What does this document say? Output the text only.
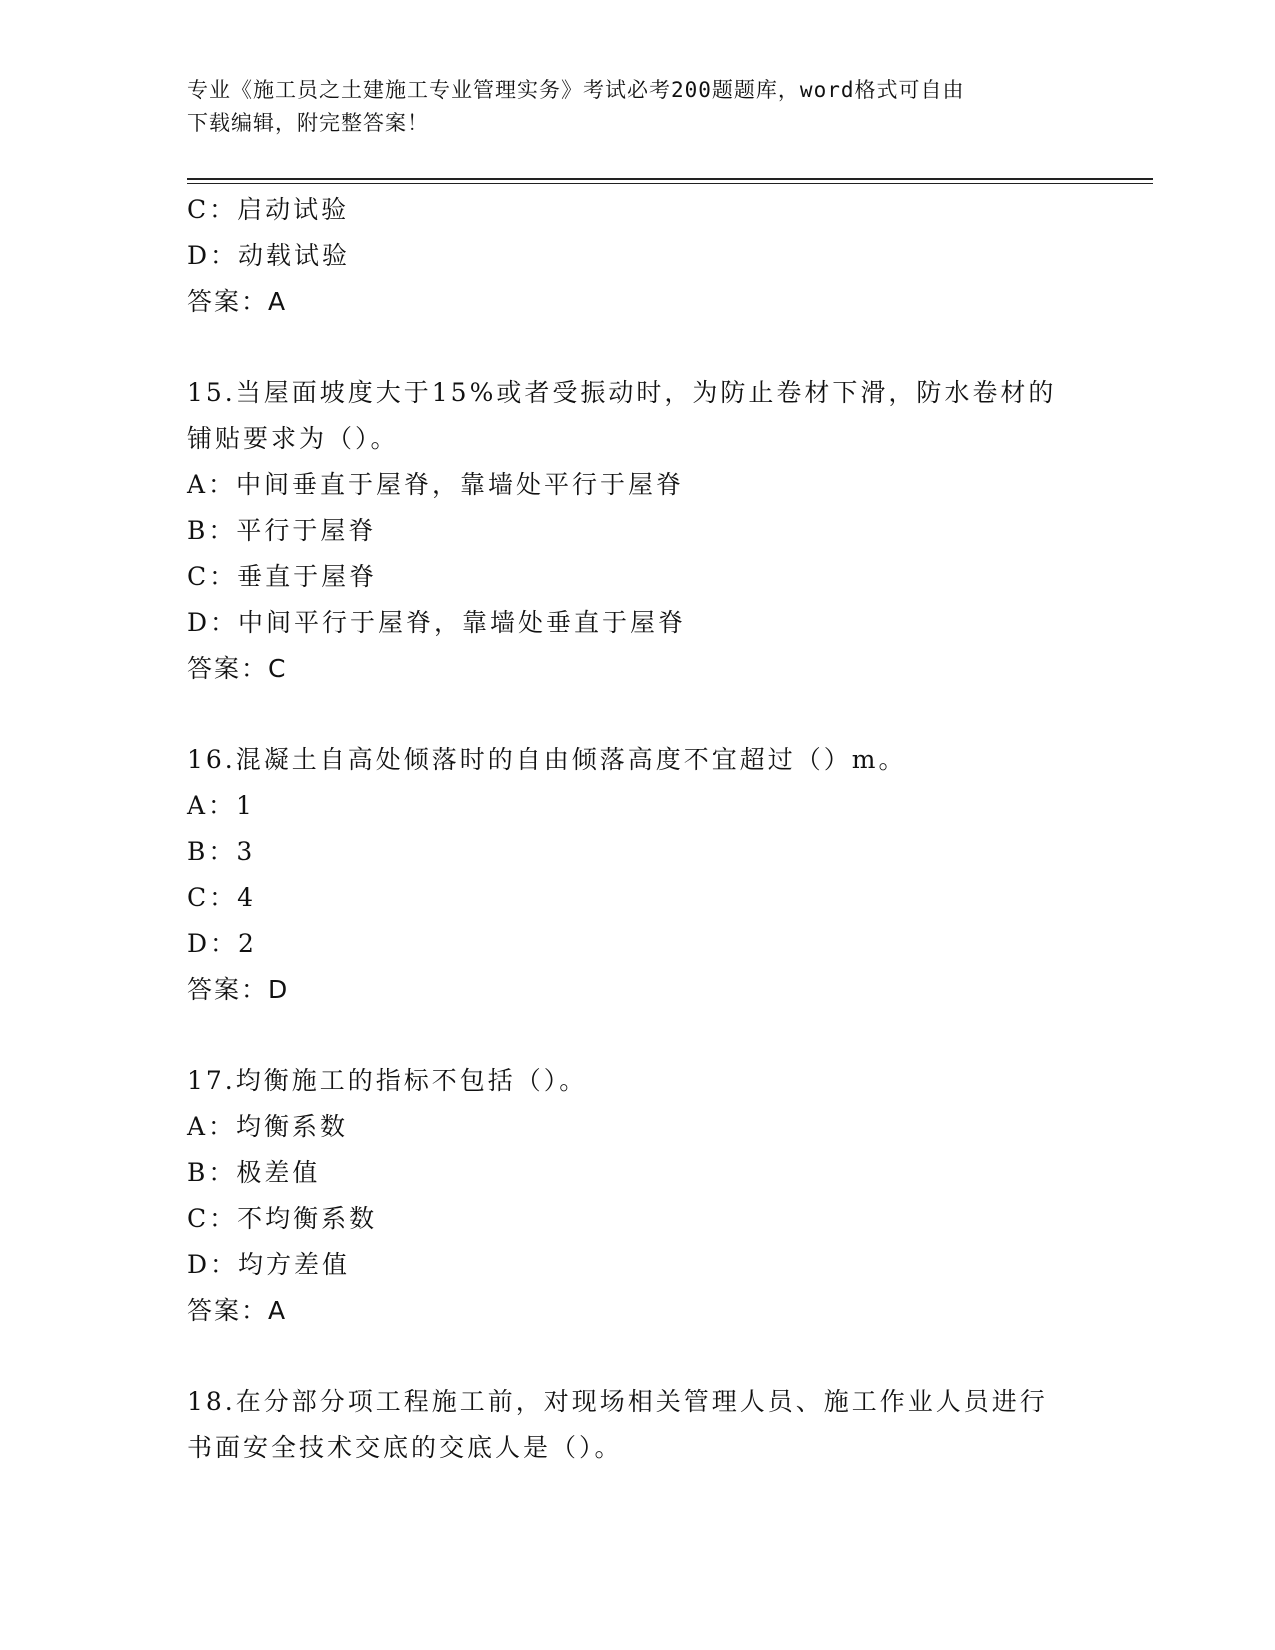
专业《施工员之土建施工专业管理实务》考试必考200题题库，word格式可自由
下载编辑，附完整答案！
C：启动试验
D：动载试验
答案：A
15.当屋面坡度大于15%或者受振动时，为防止卷材下滑，防水卷材的
铺贴要求为（）。
A：中间垂直于屋脊，靠墙处平行于屋脊
B：平行于屋脊
C：垂直于屋脊
D：中间平行于屋脊，靠墙处垂直于屋脊
答案：C
16.混凝土自高处倾落时的自由倾落高度不宜超过（）m。
A：1
B：3
C：4
D：2
答案：D
17.均衡施工的指标不包括（）。
A：均衡系数
B：极差值
C：不均衡系数
D：均方差值
答案：A
18.在分部分项工程施工前，对现场相关管理人员、施工作业人员进行
书面安全技术交底的交底人是（）。
